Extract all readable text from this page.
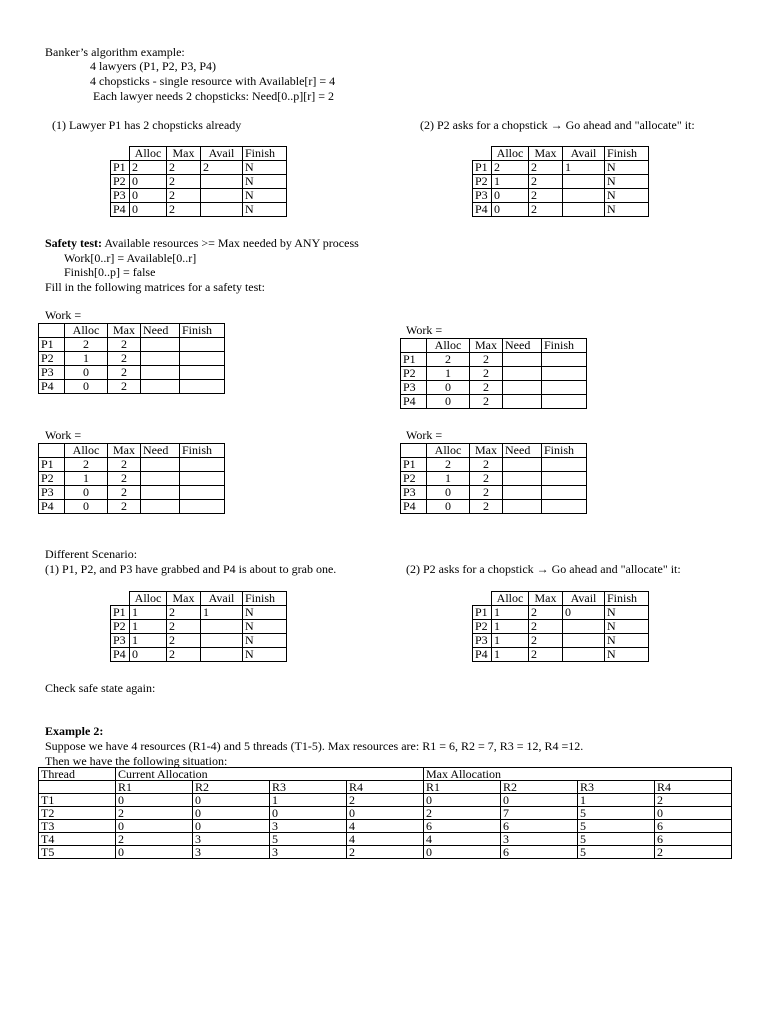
Banker’s algorithm example:
4 lawyers (P1, P2, P3, P4)
4 chopsticks - single resource with Available[r] = 4
Each lawyer needs 2 chopsticks: Need[0..p][r] = 2
(1) Lawyer P1 has 2 chopsticks already	(2) P2 asks for a chopstick → Go ahead and "allocate" it:
	Alloc	Max	Avail	Finish
P1	2	2	2	N
P2	0	2		N
P3	0	2		N
P4	0	2		N
	Alloc	Max	Avail	Finish
P1	2	2	1	N
P2	1	2		N
P3	0	2		N
P4	0	2		N
Safety test: Available resources >= Max needed by ANY process
Work[0..r] = Available[0..r]
Finish[0..p] = false
Fill in the following matrices for a safety test:
Work =
Work =
Work =	Work =
	Alloc	Max	Need	Finish
P1	2	2		
P2	1	2		
P3	0	2		
P4	0	2		
	Alloc	Max	Need	Finish
P1	2	2		
P2	1	2		
P3	0	2		
P4	0	2		
	Alloc	Max	Need	Finish
P1	2	2		
P2	1	2		
P3	0	2		
P4	0	2		
	Alloc	Max	Need	Finish
P1	2	2		
P2	1	2		
P3	0	2		
P4	0	2		
Different Scenario:
(1) P1, P2, and P3 have grabbed and P4 is about to grab one.	(2) P2 asks for a chopstick → Go ahead and "allocate" it:
	Alloc	Max	Avail	Finish
P1	1	2	1	N
P2	1	2		N
P3	1	2		N
P4	0	2		N
	Alloc	Max	Avail	Finish
P1	1	2	0	N
P2	1	2		N
P3	1	2		N
P4	1	2		N
Check safe state again:
Example 2:
Suppose we have 4 resources (R1-4) and 5 threads (T1-5). Max resources are: R1 = 6, R2 = 7, R3 = 12, R4 =12.
Then we have the following situation:
Thread	Current Allocation				Max Allocation			
	R1	R2	R3	R4	R1	R2	R3	R4
T1	0	0	1	2	0	0	1	2
T2	2	0	0	0	2	7	5	0
T3	0	0	3	4	6	6	5	6
T4	2	3	5	4	4	3	5	6
T5	0	3	3	2	0	6	5	2
